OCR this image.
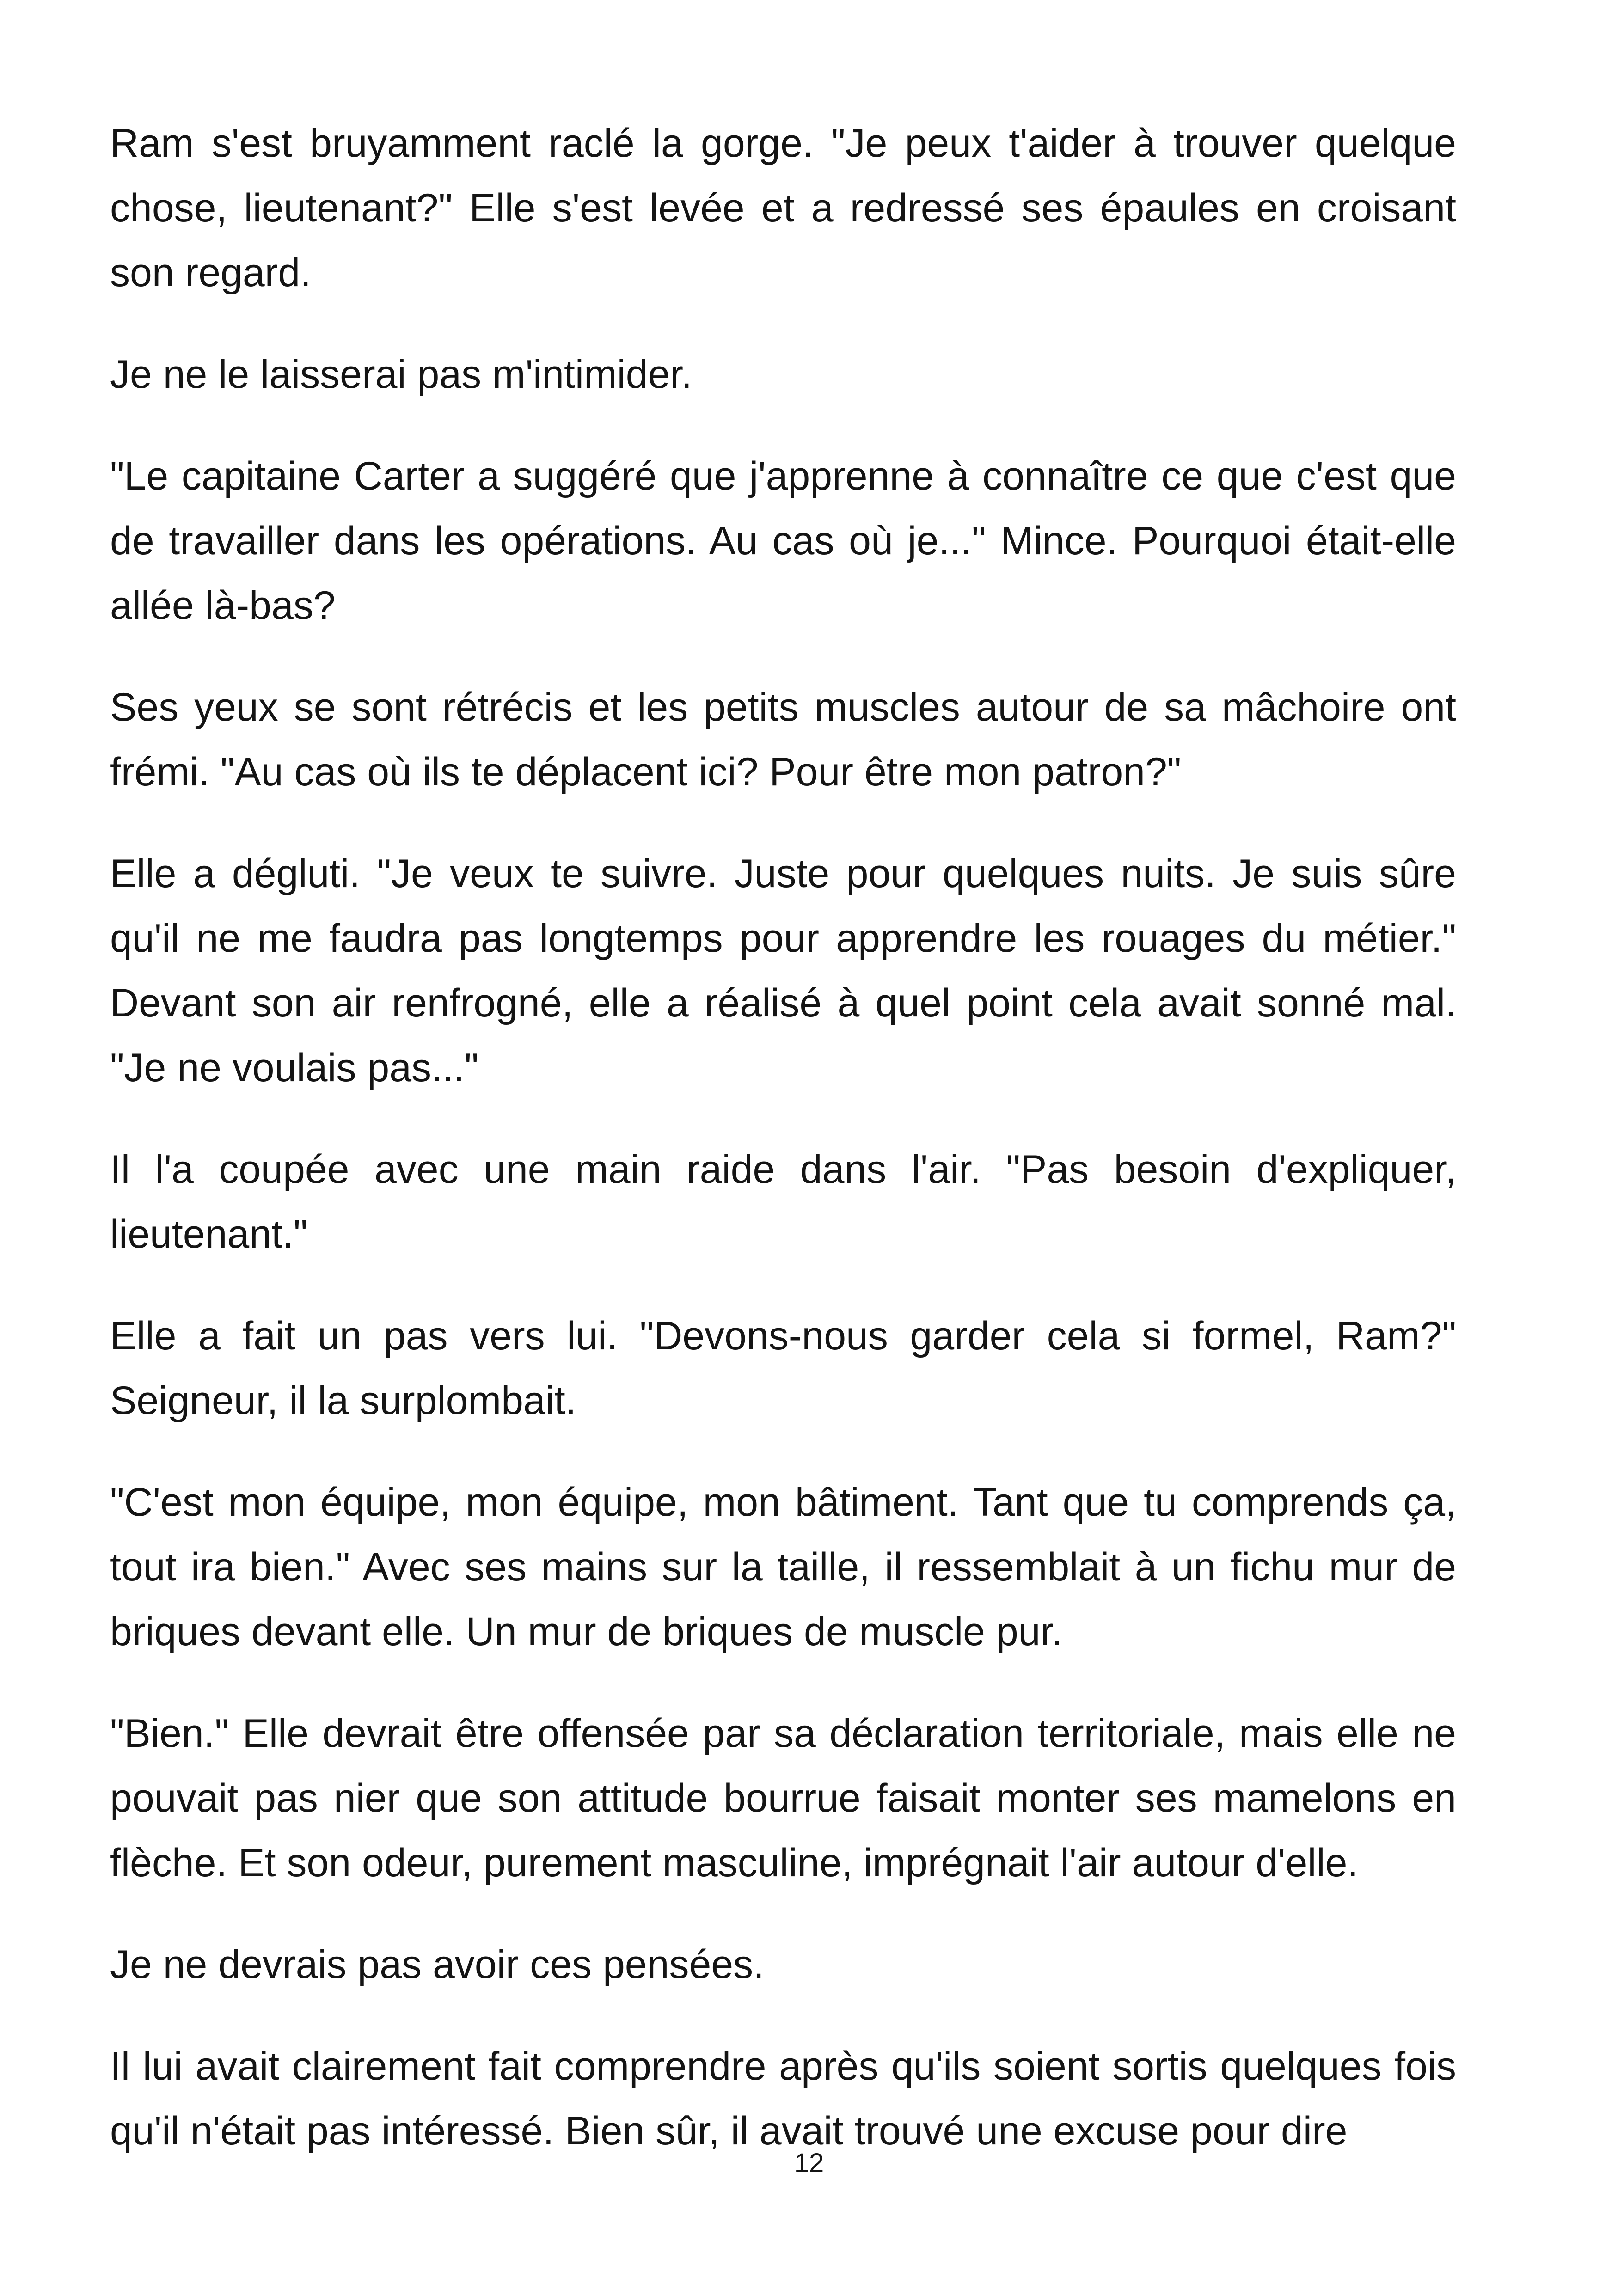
Ram s'est bruyamment raclé la gorge. "Je peux t'aider à trouver quelque chose, lieutenant?" Elle s'est levée et a redressé ses épaules en croisant son regard.

Je ne le laisserai pas m'intimider.

"Le capitaine Carter a suggéré que j'apprenne à connaître ce que c'est que de travailler dans les opérations. Au cas où je..." Mince. Pourquoi était-elle allée là-bas?

Ses yeux se sont rétrécis et les petits muscles autour de sa mâchoire ont frémi. "Au cas où ils te déplacent ici? Pour être mon patron?"

Elle a dégluti. "Je veux te suivre. Juste pour quelques nuits. Je suis sûre qu'il ne me faudra pas longtemps pour apprendre les rouages du métier." Devant son air renfrogné, elle a réalisé à quel point cela avait sonné mal. "Je ne voulais pas..."

Il l'a coupée avec une main raide dans l'air. "Pas besoin d'expliquer, lieutenant."

Elle a fait un pas vers lui. "Devons-nous garder cela si formel, Ram?" Seigneur, il la surplombait.

"C'est mon équipe, mon équipe, mon bâtiment. Tant que tu comprends ça, tout ira bien." Avec ses mains sur la taille, il ressemblait à un fichu mur de briques devant elle. Un mur de briques de muscle pur.

"Bien." Elle devrait être offensée par sa déclaration territoriale, mais elle ne pouvait pas nier que son attitude bourrue faisait monter ses mamelons en flèche. Et son odeur, purement masculine, imprégnait l'air autour d'elle.

Je ne devrais pas avoir ces pensées.

Il lui avait clairement fait comprendre après qu'ils soient sortis quelques fois qu'il n'était pas intéressé. Bien sûr, il avait trouvé une excuse pour dire

12
